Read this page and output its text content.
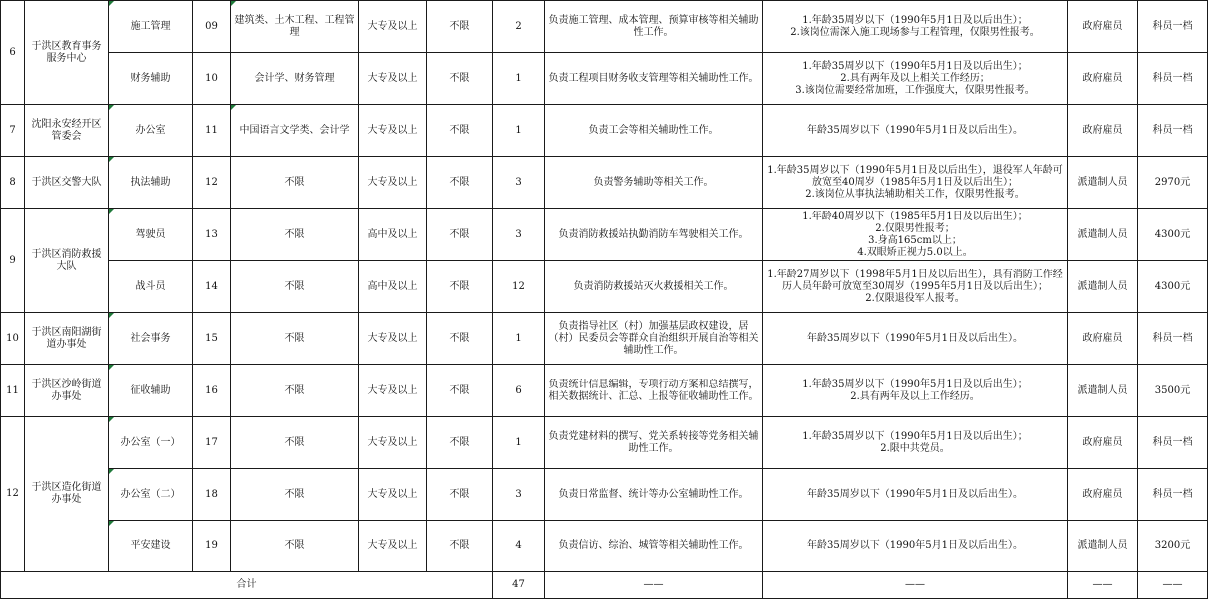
6	于洪区教育事务服务中心	施工管理	09	建筑类、土木工程、工程管理	大专及以上	不限	2	负责施工管理、成本管理、预算审核等相关辅助性工作。	1.年龄35周岁以下（1990年5月1日及以后出生）；
2.该岗位需深入施工现场参与工程管理，仅限男性报考。	政府雇员	科员一档
		财务辅助	10	会计学、财务管理	大专及以上	不限	1	负责工程项目财务收支管理等相关辅助性工作。	1.年龄35周岁以下（1990年5月1日及以后出生）；
2.具有两年及以上相关工作经历；
3.该岗位需要经常加班，工作强度大，仅限男性报考。	政府雇员	科员一档
7	沈阳永安经开区管委会	办公室	11	中国语言文学类、会计学	大专及以上	不限	1	负责工会等相关辅助性工作。	年龄35周岁以下（1990年5月1日及以后出生）。	政府雇员	科员一档
8	于洪区交警大队	执法辅助	12	不限	大专及以上	不限	3	负责警务辅助等相关工作。	1.年龄35周岁以下（1990年5月1日及以后出生），退役军人年龄可放宽至40周岁（1985年5月1日及以后出生）；
2.该岗位从事执法辅助相关工作，仅限男性报考。	派遣制人员	2970元
9	于洪区消防救援大队	驾驶员	13	不限	高中及以上	不限	3	负责消防救援站执勤消防车驾驶相关工作。	1.年龄40周岁以下（1985年5月1日及以后出生）；
2.仅限男性报考；
3.身高165cm以上；
4.双眼矫正视力5.0以上。	派遣制人员	4300元
		战斗员	14	不限	高中及以上	不限	12	负责消防救援站灭火救援相关工作。	1.年龄27周岁以下（1998年5月1日及以后出生），具有消防工作经历人员年龄可放宽至30周岁（1995年5月1日及以后出生）；
2.仅限退役军人报考。	派遣制人员	4300元
10	于洪区南阳湖街道办事处	社会事务	15	不限	大专及以上	不限	1	负责指导社区（村）加强基层政权建设，居（村）民委员会等群众自治组织开展自治等相关辅助性工作。	年龄35周岁以下（1990年5月1日及以后出生）。	政府雇员	科员一档
11	于洪区沙岭街道办事处	征收辅助	16	不限	大专及以上	不限	6	负责统计信息编辑，专项行动方案和总结撰写，相关数据统计、汇总、上报等征收辅助性工作。	1.年龄35周岁以下（1990年5月1日及以后出生）；
2.具有两年及以上工作经历。	派遣制人员	3500元
12	于洪区造化街道办事处	办公室（一）	17	不限	大专及以上	不限	1	负责党建材料的撰写、党关系转接等党务相关辅助性工作。	1.年龄35周岁以下（1990年5月1日及以后出生）；
2.限中共党员。	政府雇员	科员一档
		办公室（二）	18	不限	大专及以上	不限	3	负责日常监督、统计等办公室辅助性工作。	年龄35周岁以下（1990年5月1日及以后出生）。	政府雇员	科员一档
		平安建设	19	不限	大专及以上	不限	4	负责信访、综治、城管等相关辅助性工作。	年龄35周岁以下（1990年5月1日及以后出生）。	派遣制人员	3200元
合计							47	——	——	——	——
